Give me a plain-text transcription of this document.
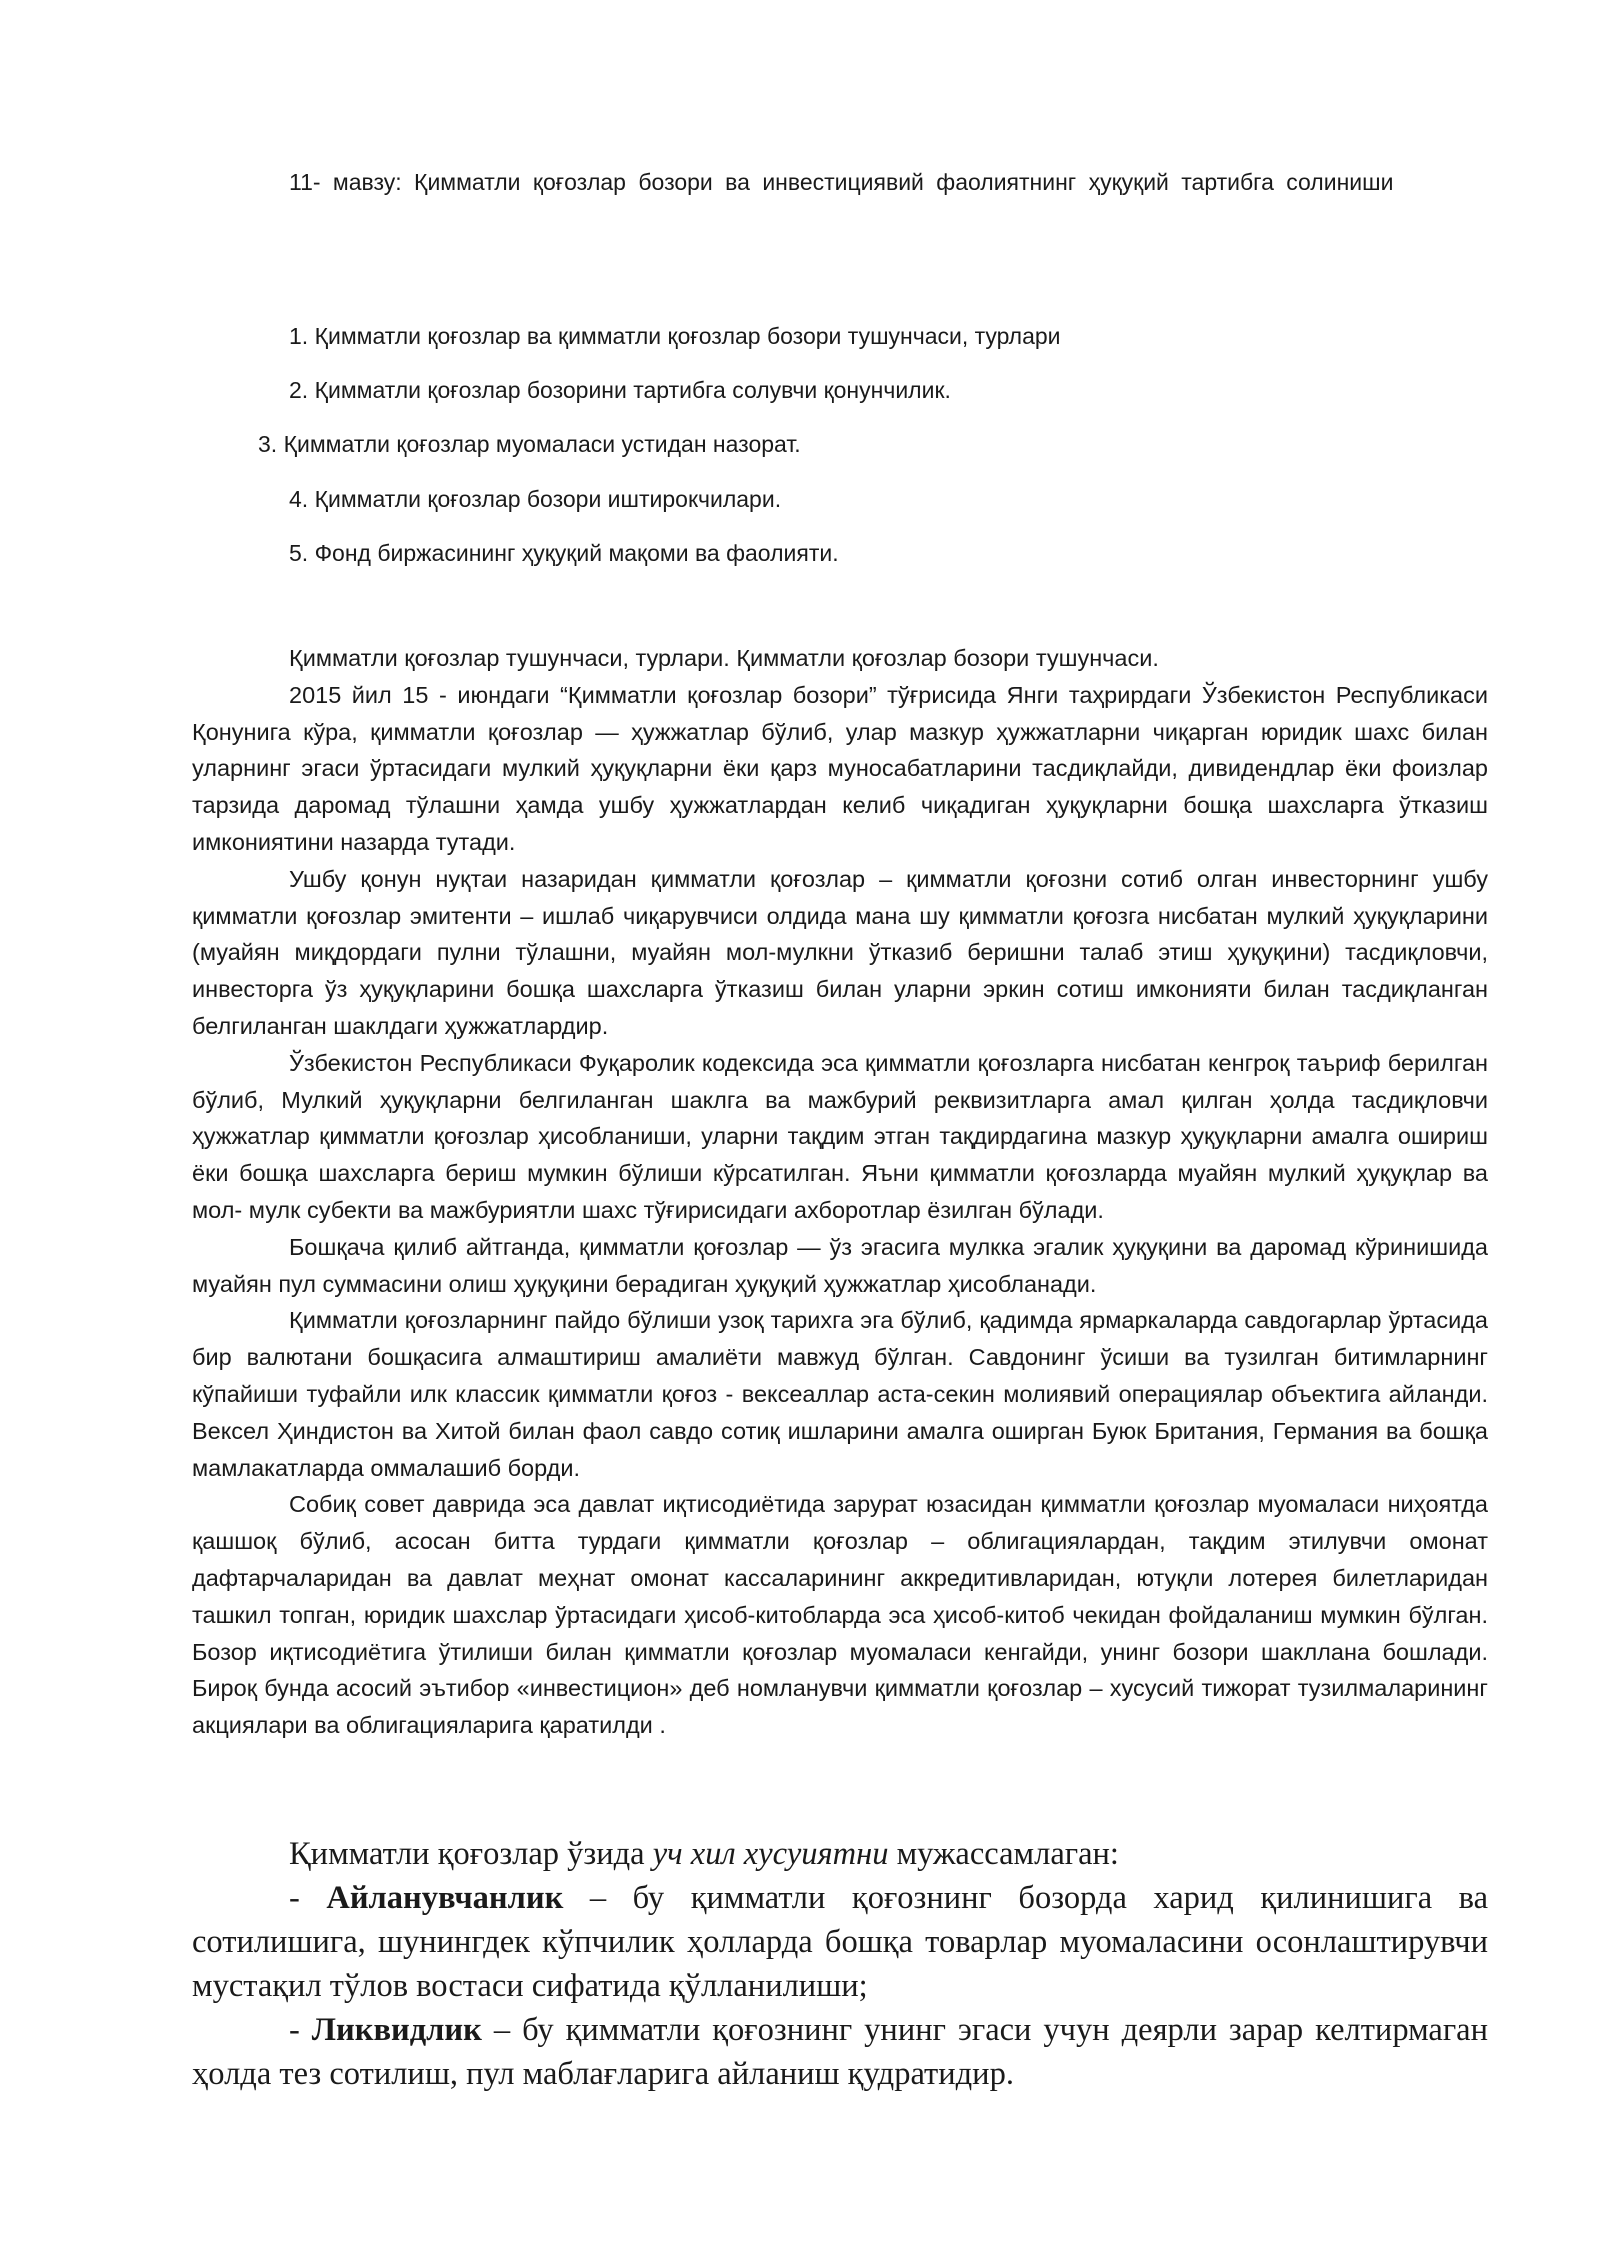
11- мавзу: Қимматли қоғозлар бозори ва инвестициявий фаолиятнинг ҳуқуқий тартибга солиниши

1. Қимматли қоғозлар ва қимматли қоғозлар бозори тушунчаси, турлари
2. Қимматли қоғозлар бозорини тартибга солувчи қонунчилик.
3. Қимматли қоғозлар муомаласи устидан назорат.
4. Қимматли қоғозлар бозори иштирокчилари.
5. Фонд биржасининг ҳуқуқий мақоми ва фаолияти.

Қимматли қоғозлар тушунчаси, турлари. Қимматли қоғозлар бозори тушунчаси.

2015 йил 15 - июндаги “Қимматли қоғозлар бозори” тўғрисида Янги таҳрирдаги Ўзбекистон Республикаси Қонунига кўра, қимматли қоғозлар — ҳужжатлар бўлиб, улар мазкур ҳужжатларни чиқарган юридик шахс билан уларнинг эгаси ўртасидаги мулкий ҳуқуқларни ёки қарз муносабатларини тасдиқлайди, дивидендлар ёки фоизлар тарзида даромад тўлашни ҳамда ушбу ҳужжатлардан келиб чиқадиган ҳуқуқларни бошқа шахсларга ўтказиш имкониятини назарда тутади.

Ушбу қонун нуқтаи назаридан қимматли қоғозлар – қимматли қоғозни сотиб олган инвесторнинг ушбу қимматли қоғозлар эмитенти – ишлаб чиқарувчиси олдида мана шу қимматли қоғозга нисбатан мулкий ҳуқуқларини (муайян миқдордаги пулни тўлашни, муайян мол-мулкни ўтказиб беришни талаб этиш ҳуқуқини) тасдиқловчи, инвесторга ўз ҳуқуқларини бошқа шахсларга ўтказиш билан уларни эркин сотиш имконияти билан тасдиқланган белгиланган шаклдаги ҳужжатлардир.

Ўзбекистон Республикаси Фуқаролик кодексида эса қимматли қоғозларга нисбатан кенгроқ таъриф берилган бўлиб, Мулкий ҳуқуқларни белгиланган шаклга ва мажбурий реквизитларга амал қилган ҳолда тасдиқловчи ҳужжатлар қимматли қоғозлар ҳисобланиши, уларни тақдим этган тақдирдагина мазкур ҳуқуқларни амалга ошириш ёки бошқа шахсларга бериш мумкин бўлиши кўрсатилган. Яъни қимматли қоғозларда муайян мулкий ҳуқуқлар ва мол- мулк субекти ва мажбуриятли шахс тўғирисидаги ахборотлар ёзилган бўлади.

Бошқача қилиб айтганда, қимматли қоғозлар — ўз эгасига мулкка эгалик ҳуқуқини ва даромад кўринишида муайян пул суммасини олиш ҳуқуқини берадиган ҳуқуқий ҳужжатлар ҳисобланади.

Қимматли қоғозларнинг пайдо бўлиши узоқ тарихга эга бўлиб, қадимда ярмаркаларда савдогарлар ўртасида бир валютани бошқасига алмаштириш амалиёти мавжуд бўлган. Савдонинг ўсиши ва тузилган битимларнинг кўпайиши туфайли илк классик қимматли қоғоз - вексеаллар аста-секин молиявий операциялар объектига айланди. Вексел Ҳиндистон ва Хитой билан фаол савдо сотиқ ишларини амалга оширган Буюк Британия, Германия ва бошқа мамлакатларда оммалашиб борди.

Собиқ совет даврида эса давлат иқтисодиётида зарурат юзасидан қимматли қоғозлар муомаласи ниҳоятда қашшоқ бўлиб, асосан битта турдаги қимматли қоғозлар – облигациялардан, тақдим этилувчи омонат дафтарчаларидан ва давлат меҳнат омонат кассаларининг аккредитивларидан, ютуқли лотерея билетларидан ташкил топган, юридик шахслар ўртасидаги ҳисоб-китобларда эса ҳисоб-китоб чекидан фойдаланиш мумкин бўлган. Бозор иқтисодиётига ўтилиши билан қимматли қоғозлар муомаласи кенгайди, унинг бозори шакллана бошлади. Бироқ бунда асосий эътибор «инвестицион» деб номланувчи қимматли қоғозлар – хусусий тижорат тузилмаларининг акциялари ва облигацияларига қаратилди .

Қимматли қоғозлар ўзида уч хил хусуиятни мужассамлаган:

- Айланувчанлик – бу қимматли қоғознинг бозорда харид қилинишига ва сотилишига, шунингдек кўпчилик ҳолларда бошқа товарлар муомаласини осонлаштирувчи мустақил тўлов востаси сифатида қўлланилиши;

- Ликвидлик – бу қимматли қоғознинг унинг эгаси учун деярли зарар келтирмаган ҳолда тез сотилиш, пул маблағларига айланиш қудратидир.
